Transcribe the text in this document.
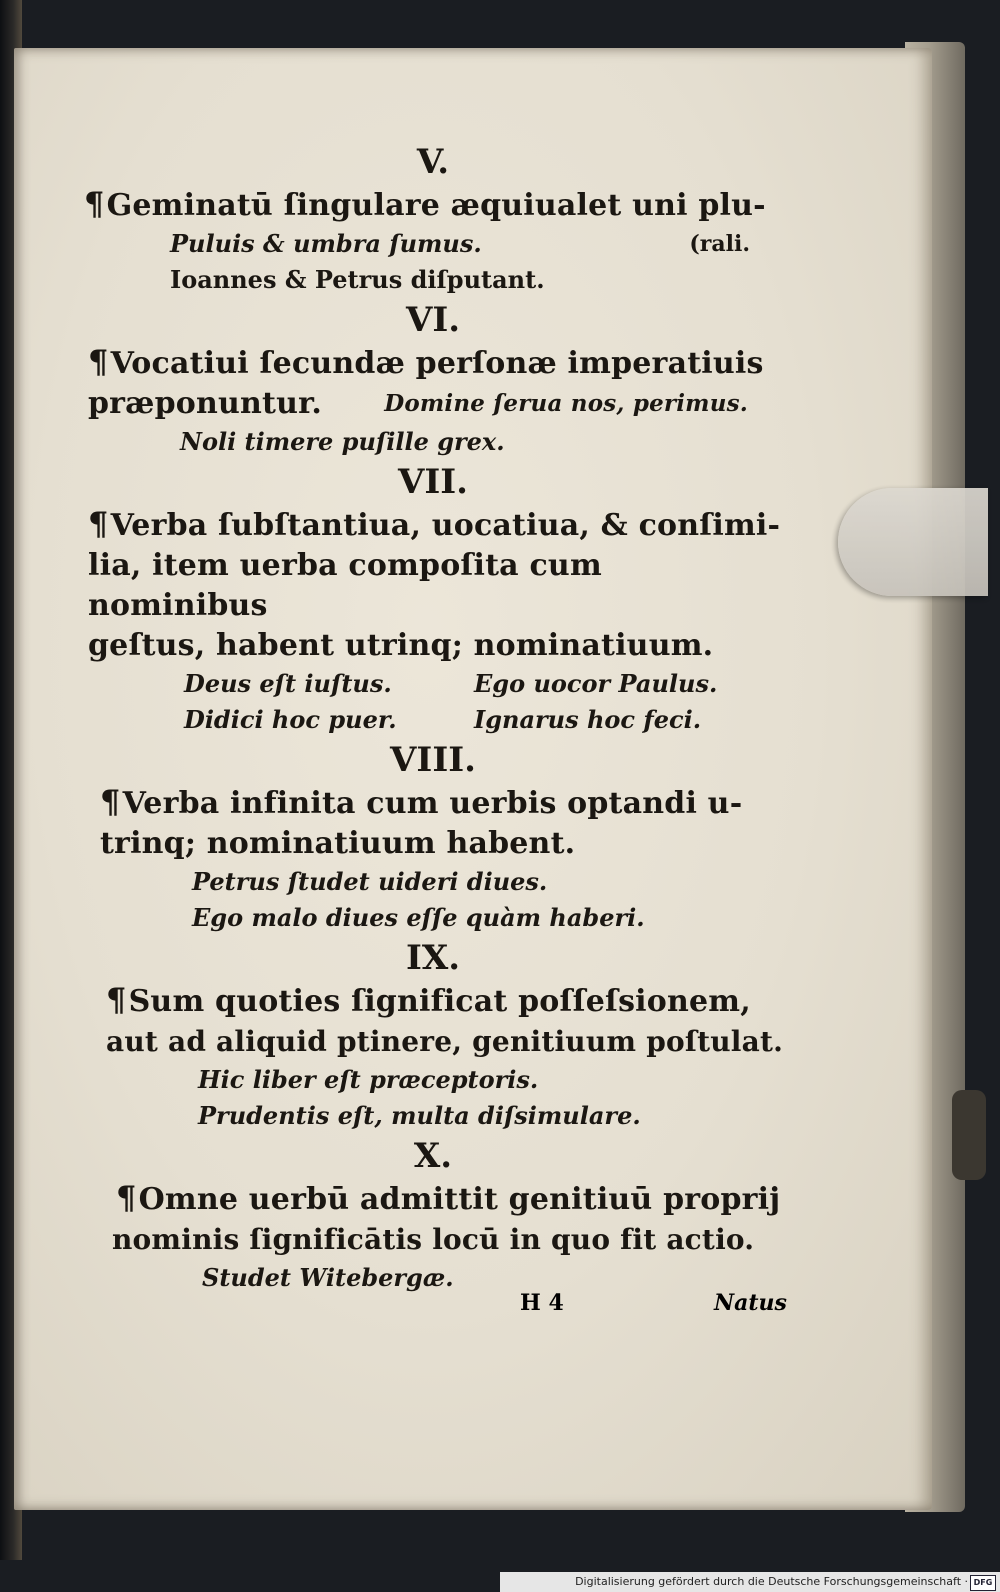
V.
¶Geminatū ſingulare æquiualet uni plu-
Puluis & umbra ſumus.	(rali.
Ioannes & Petrus diſputant.
VI.
¶Vocatiui ſecundæ perſonæ imperatiuis
præponuntur.	Domine ſerua nos, perimus.
Noli timere puſille grex.
VII.
¶Verba ſubſtantiua, uocatiua, & conſimi-
lia, item uerba compoſita cum nominibus
geſtus, habent utrinq; nominatiuum.
Deus eſt iuſtus.	Ego uocor Paulus.
Didici hoc puer.	Ignarus hoc feci.
VIII.
¶Verba infinita cum uerbis optandi u-
trinq; nominatiuum habent.
Petrus ſtudet uideri diues.
Ego malo diues eſſe quàm haberi.
IX.
¶Sum quoties ſignificat poſſeſsionem,
aut ad aliquid ptinere, genitiuum poſtulat.
Hic liber eſt præceptoris.
Prudentis eſt, multa diſsimulare.
X.
¶Omne uerbū admittit genitiuū proprij
nominis ſignificātis locū in quo fit actio.
Studet Witebergæ.
H 4	Natus
Digitalisierung gefördert durch die Deutsche Forschungsgemeinschaft · DFG
